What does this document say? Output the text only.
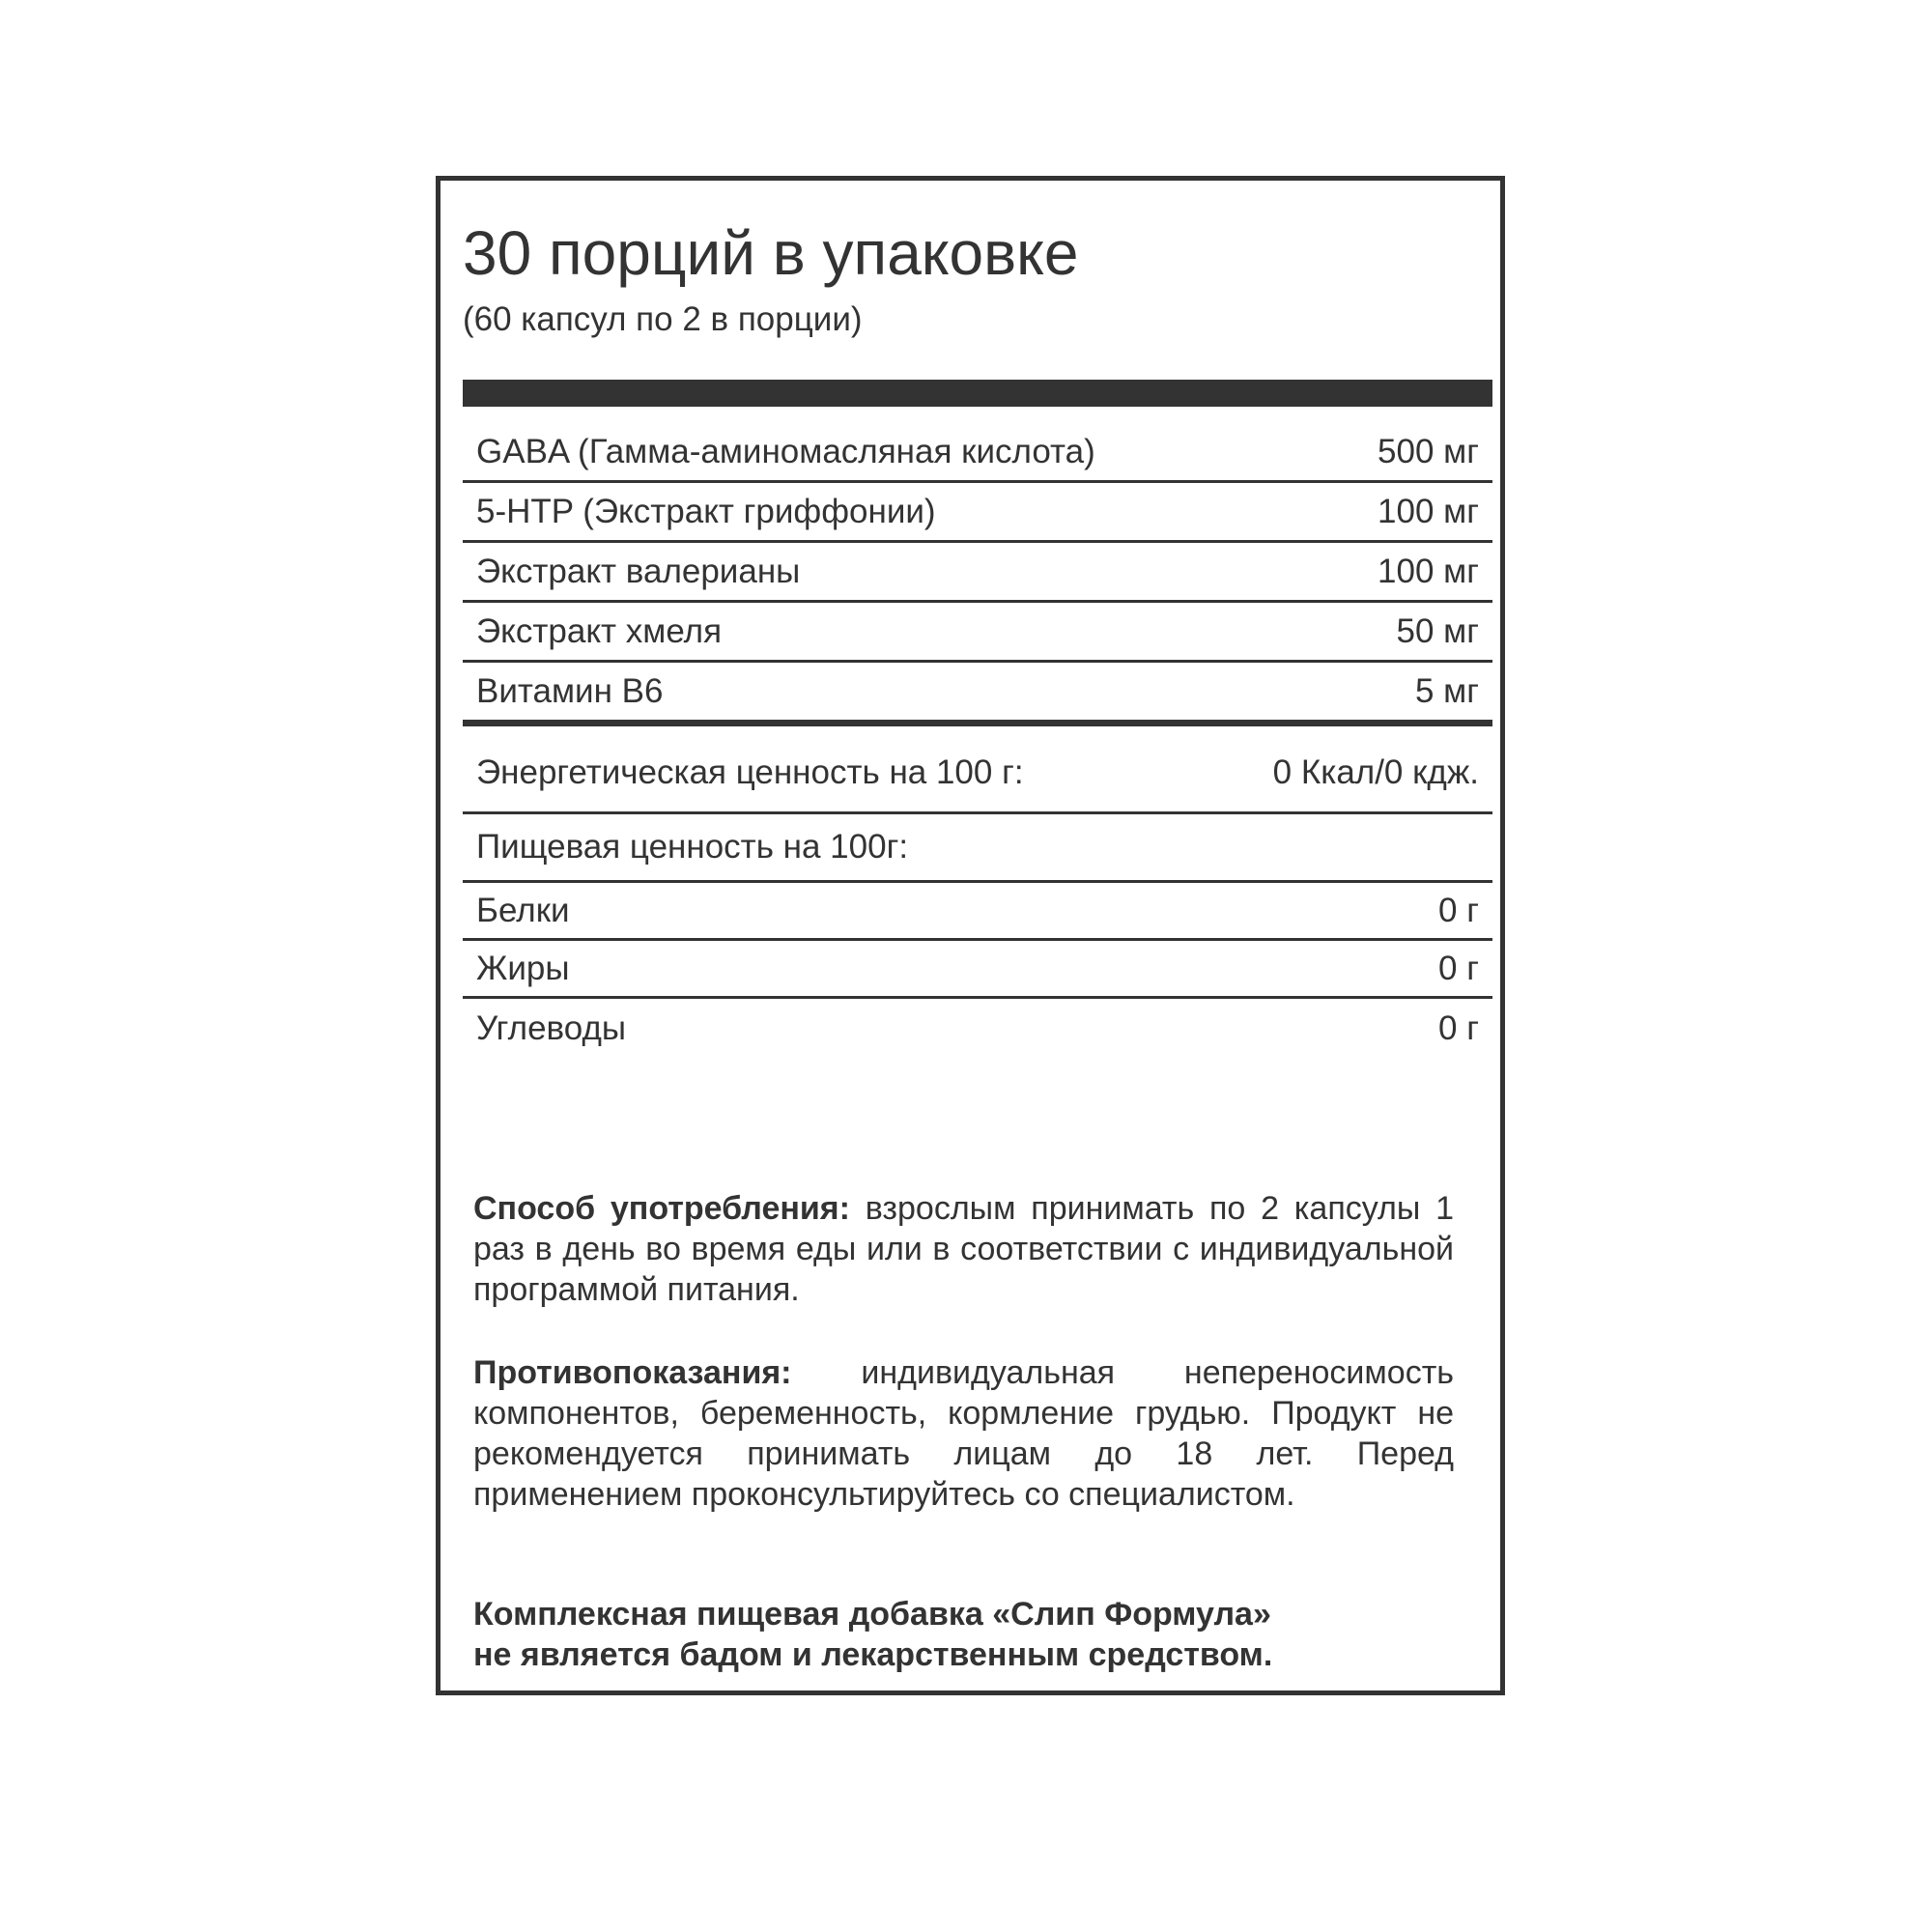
30 порций в упаковке
(60 капсул по 2 в порции)
GABA (Гамма-аминомасляная кислота)	500 мг
5-HTP (Экстракт гриффонии)	100 мг
Экстракт валерианы	100 мг
Экстракт хмеля	50 мг
Витамин B6	5 мг
Энергетическая ценность на 100 г:	0 Ккал/0 кдж.
Пищевая ценность на 100г:
Белки	0 г
Жиры	0 г
Углеводы	0 г
Способ употребления: взрослым принимать по 2 капсулы 1 раз в день во время еды или в соответствии с индивидуальной программой питания.
Противопоказания: индивидуальная непереносимость компонентов, беременность, кормление грудью. Продукт не рекомендуется принимать лицам до 18 лет. Перед применением проконсультируйтесь со специалистом.
Комплексная пищевая добавка «Слип Формула»
не является бадом и лекарственным средством.
